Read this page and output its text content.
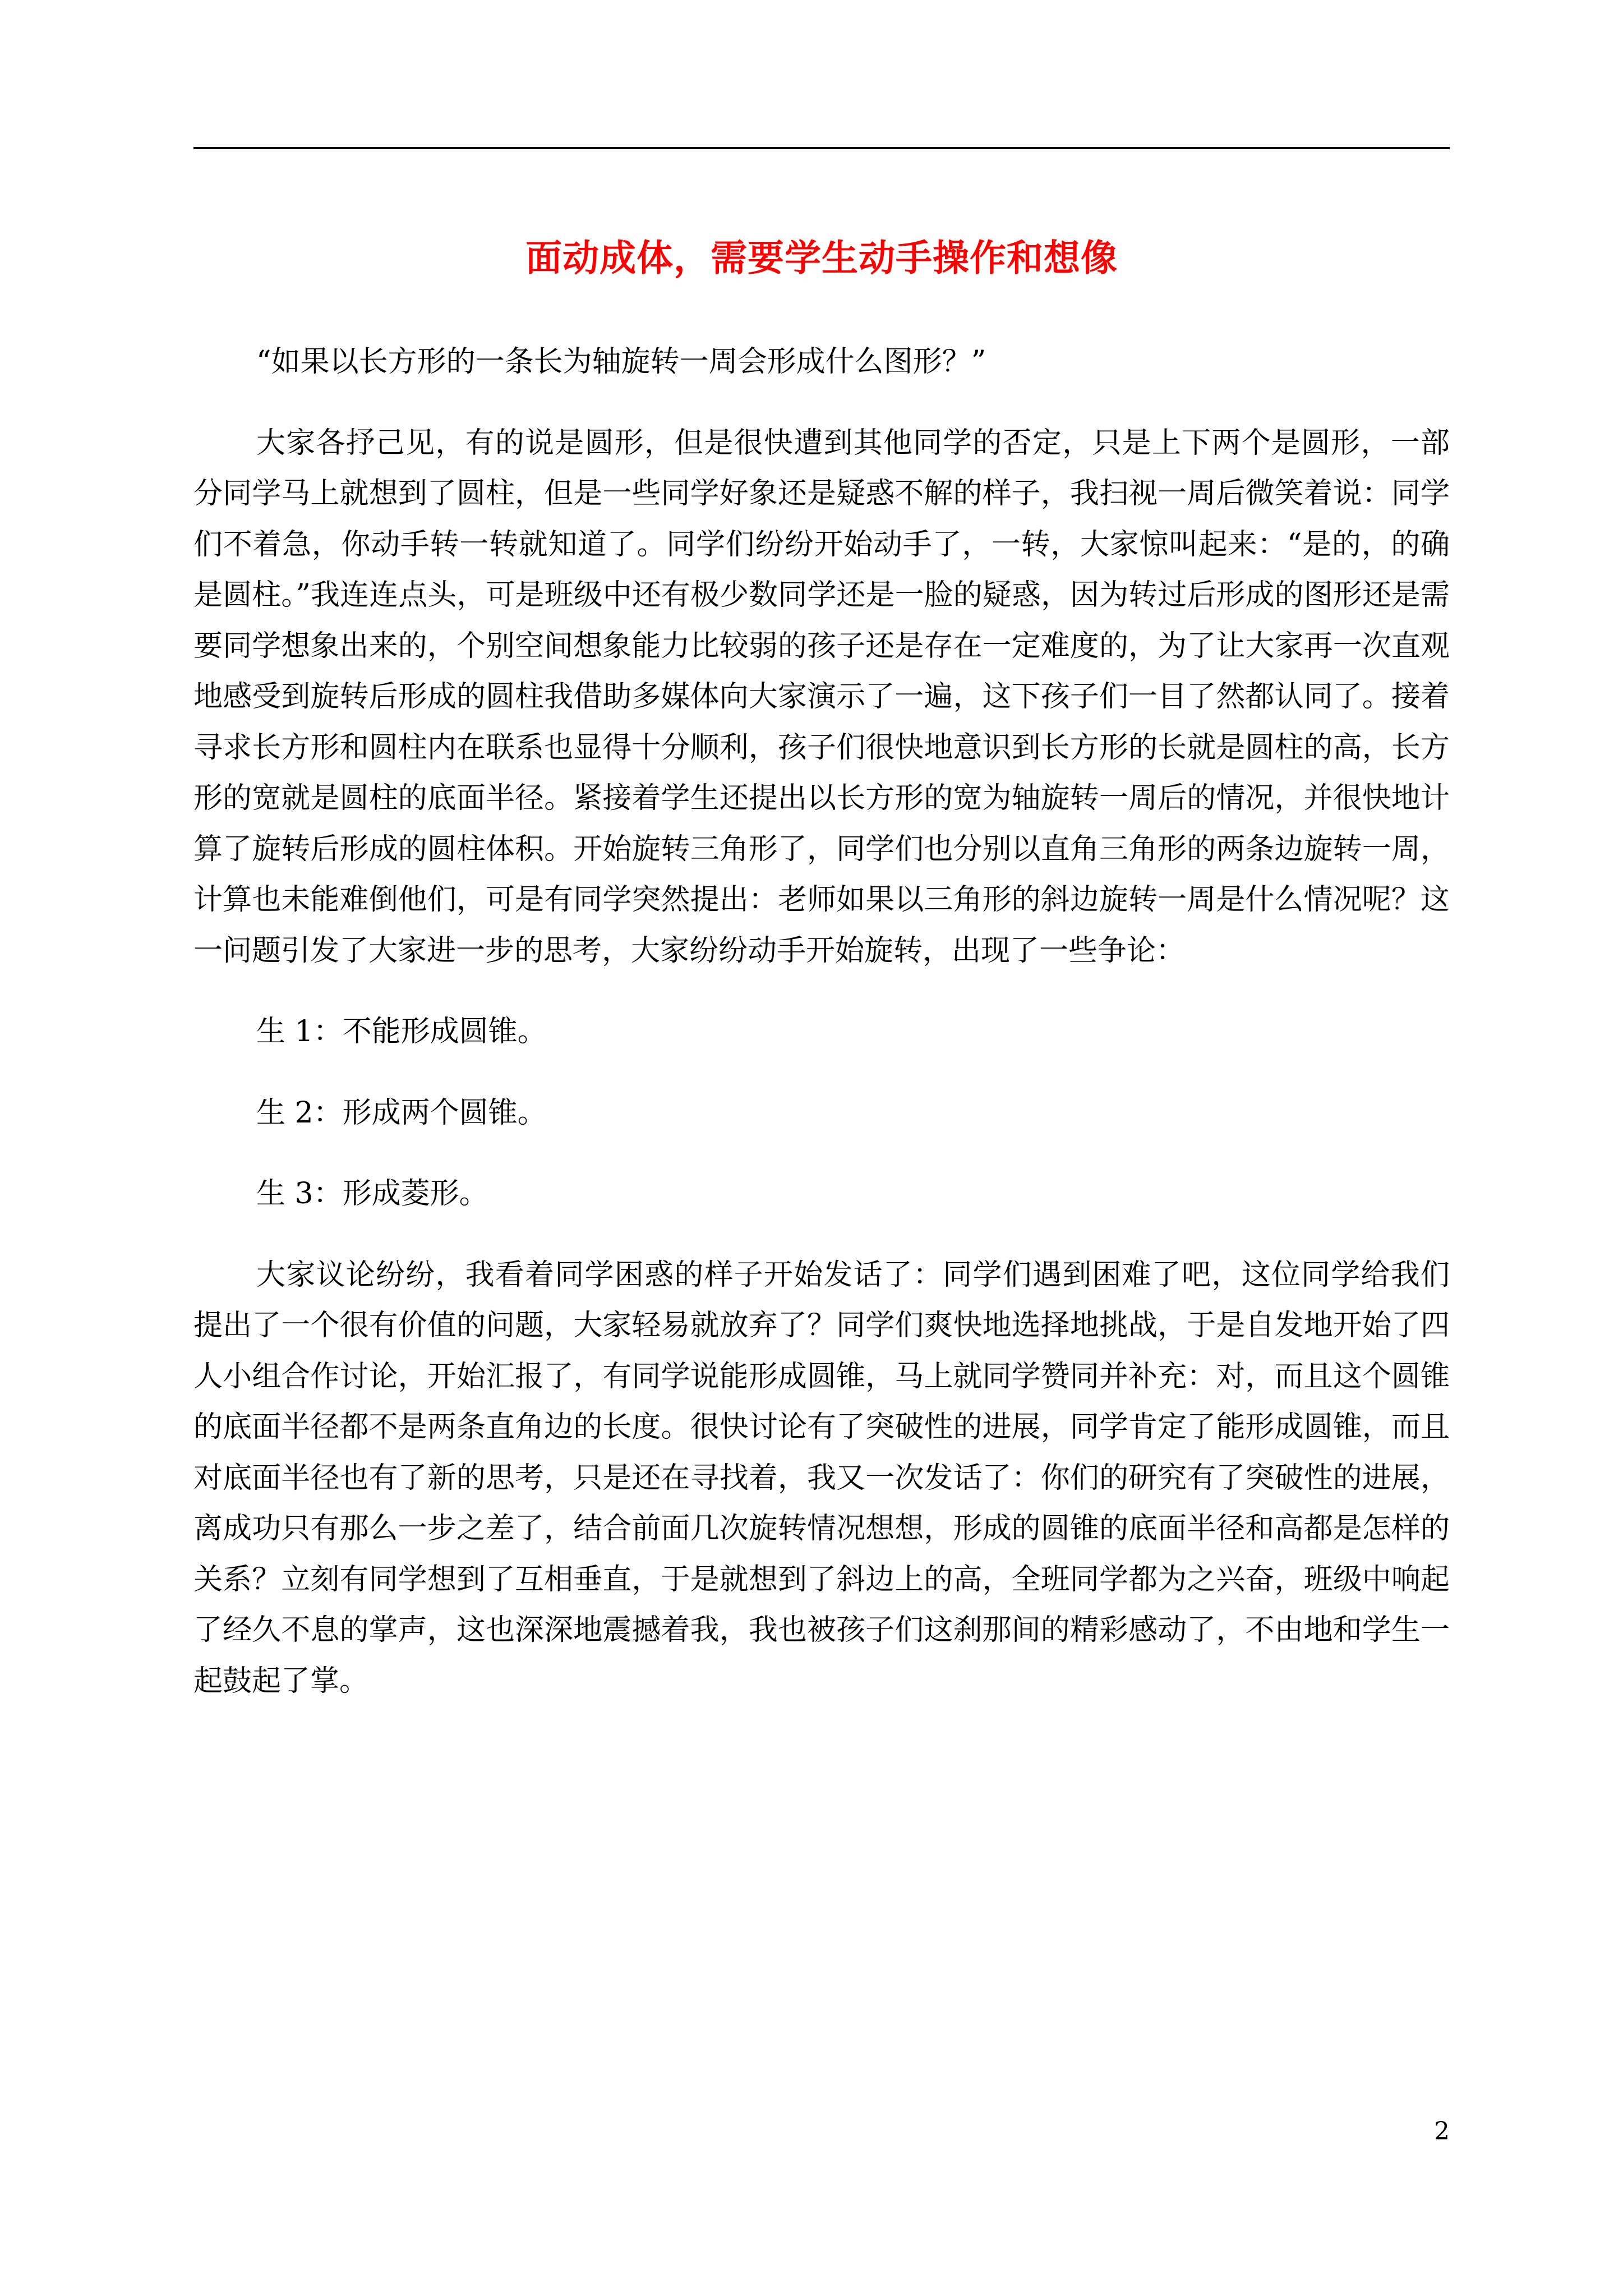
面动成体，需要学生动手操作和想像

“如果以长方形的一条长为轴旋转一周会形成什么图形？”

大家各抒己见，有的说是圆形，但是很快遭到其他同学的否定，只是上下两个是圆形，一部分同学马上就想到了圆柱，但是一些同学好象还是疑惑不解的样子，我扫视一周后微笑着说：同学们不着急，你动手转一转就知道了。同学们纷纷开始动手了，一转，大家惊叫起来：“是的，的确是圆柱。”我连连点头，可是班级中还有极少数同学还是一脸的疑惑，因为转过后形成的图形还是需要同学想象出来的，个别空间想象能力比较弱的孩子还是存在一定难度的，为了让大家再一次直观地感受到旋转后形成的圆柱我借助多媒体向大家演示了一遍，这下孩子们一目了然都认同了。接着寻求长方形和圆柱内在联系也显得十分顺利，孩子们很快地意识到长方形的长就是圆柱的高，长方形的宽就是圆柱的底面半径。紧接着学生还提出以长方形的宽为轴旋转一周后的情况，并很快地计算了旋转后形成的圆柱体积。开始旋转三角形了，同学们也分别以直角三角形的两条边旋转一周，计算也未能难倒他们，可是有同学突然提出：老师如果以三角形的斜边旋转一周是什么情况呢？这一问题引发了大家进一步的思考，大家纷纷动手开始旋转，出现了一些争论：

生 1：不能形成圆锥。

生 2：形成两个圆锥。

生 3：形成菱形。

大家议论纷纷，我看着同学困惑的样子开始发话了：同学们遇到困难了吧，这位同学给我们提出了一个很有价值的问题，大家轻易就放弃了？同学们爽快地选择地挑战，于是自发地开始了四人小组合作讨论，开始汇报了，有同学说能形成圆锥，马上就同学赞同并补充：对，而且这个圆锥的底面半径都不是两条直角边的长度。很快讨论有了突破性的进展，同学肯定了能形成圆锥，而且对底面半径也有了新的思考，只是还在寻找着，我又一次发话了：你们的研究有了突破性的进展，离成功只有那么一步之差了，结合前面几次旋转情况想想，形成的圆锥的底面半径和高都是怎样的关系？立刻有同学想到了互相垂直，于是就想到了斜边上的高，全班同学都为之兴奋，班级中响起了经久不息的掌声，这也深深地震撼着我，我也被孩子们这刹那间的精彩感动了，不由地和学生一起鼓起了掌。

2
